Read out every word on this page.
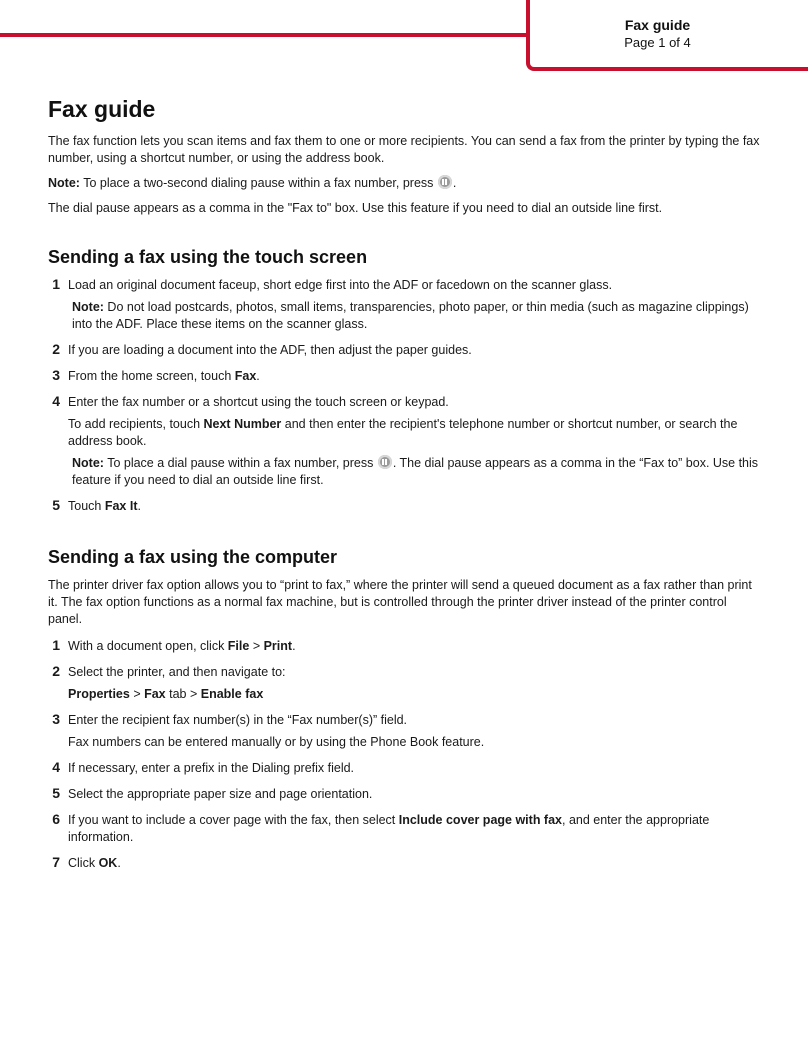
Fax guide
Page 1 of 4
Fax guide

The fax function lets you scan items and fax them to one or more recipients. You can send a fax from the printer by typing the fax number, using a shortcut number, or using the address book.

Note: To place a two-second dialing pause within a fax number, press .

The dial pause appears as a comma in the "Fax to" box. Use this feature if you need to dial an outside line first.

Sending a fax using the touch screen
1 Load an original document faceup, short edge first into the ADF or facedown on the scanner glass.
Note: Do not load postcards, photos, small items, transparencies, photo paper, or thin media (such as magazine clippings) into the ADF. Place these items on the scanner glass.
2 If you are loading a document into the ADF, then adjust the paper guides.
3 From the home screen, touch Fax.
4 Enter the fax number or a shortcut using the touch screen or keypad.
To add recipients, touch Next Number and then enter the recipient's telephone number or shortcut number, or search the address book.
Note: To place a dial pause within a fax number, press . The dial pause appears as a comma in the “Fax to” box. Use this feature if you need to dial an outside line first.
5 Touch Fax It.
Sending a fax using the computer

The printer driver fax option allows you to “print to fax,” where the printer will send a queued document as a fax rather than print it. The fax option functions as a normal fax machine, but is controlled through the printer driver instead of the printer control panel.

1 With a document open, click File > Print.
2 Select the printer, and then navigate to:
Properties > Fax tab > Enable fax
3 Enter the recipient fax number(s) in the “Fax number(s)” field.
Fax numbers can be entered manually or by using the Phone Book feature.
4 If necessary, enter a prefix in the Dialing prefix field.
5 Select the appropriate paper size and page orientation.
6 If you want to include a cover page with the fax, then select Include cover page with fax, and enter the appropriate information.
7 Click OK.
